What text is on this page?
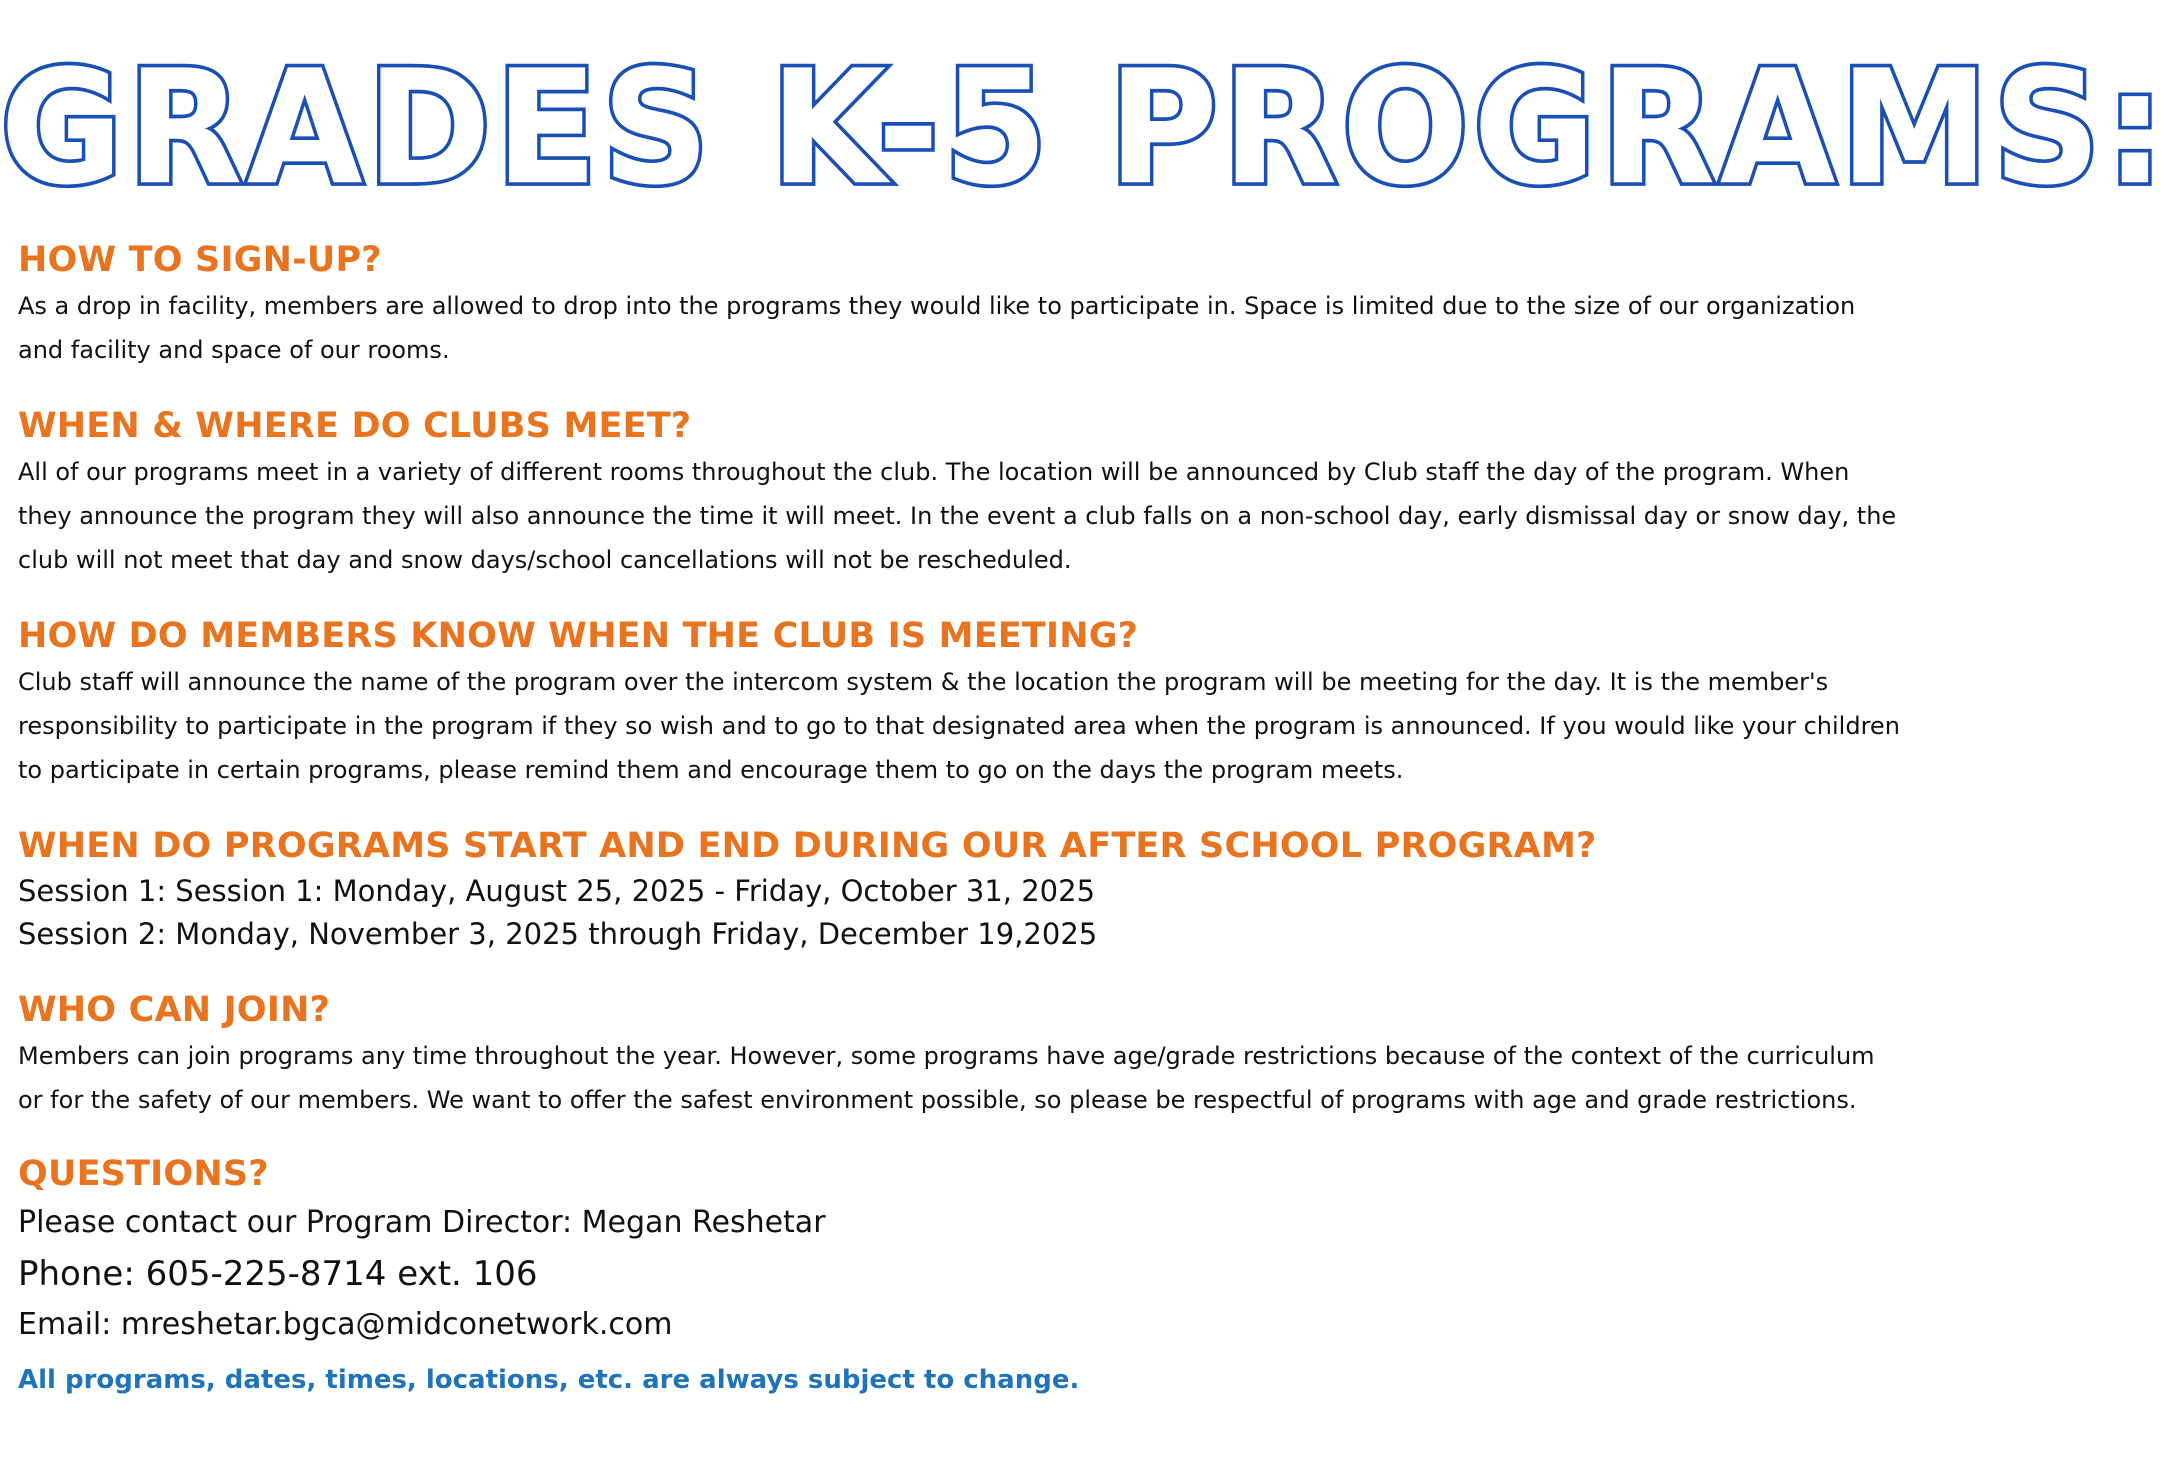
GRADES K-5 PROGRAMS:
HOW TO SIGN-UP?

As a drop in facility, members are allowed to drop into the programs they would like to participate in. Space is limited due to the size of our organization and facility and space of our rooms.

WHEN & WHERE DO CLUBS MEET?

All of our programs meet in a variety of different rooms throughout the club. The location will be announced by Club staff the day of the program. When they announce the program they will also announce the time it will meet. In the event a club falls on a non-school day, early dismissal day or snow day, the club will not meet that day and snow days/school cancellations will not be rescheduled.

HOW DO MEMBERS KNOW WHEN THE CLUB IS MEETING?

Club staff will announce the name of the program over the intercom system & the location the program will be meeting for the day. It is the member's responsibility to participate in the program if they so wish and to go to that designated area when the program is announced. If you would like your children to participate in certain programs, please remind them and encourage them to go on the days the program meets.

WHEN DO PROGRAMS START AND END DURING OUR AFTER SCHOOL PROGRAM?

Session 1: Session 1: Monday, August 25, 2025 - Friday, October 31, 2025

Session 2: Monday, November 3, 2025 through Friday, December 19,2025

WHO CAN JOIN?

Members can join programs any time throughout the year. However, some programs have age/grade restrictions because of the context of the curriculum or for the safety of our members. We want to offer the safest environment possible, so please be respectful of programs with age and grade restrictions.

QUESTIONS?

Please contact our Program Director: Megan Reshetar

Phone: 605-225-8714 ext. 106

Email: mreshetar.bgca@midconetwork.com

All programs, dates, times, locations, etc. are always subject to change.
